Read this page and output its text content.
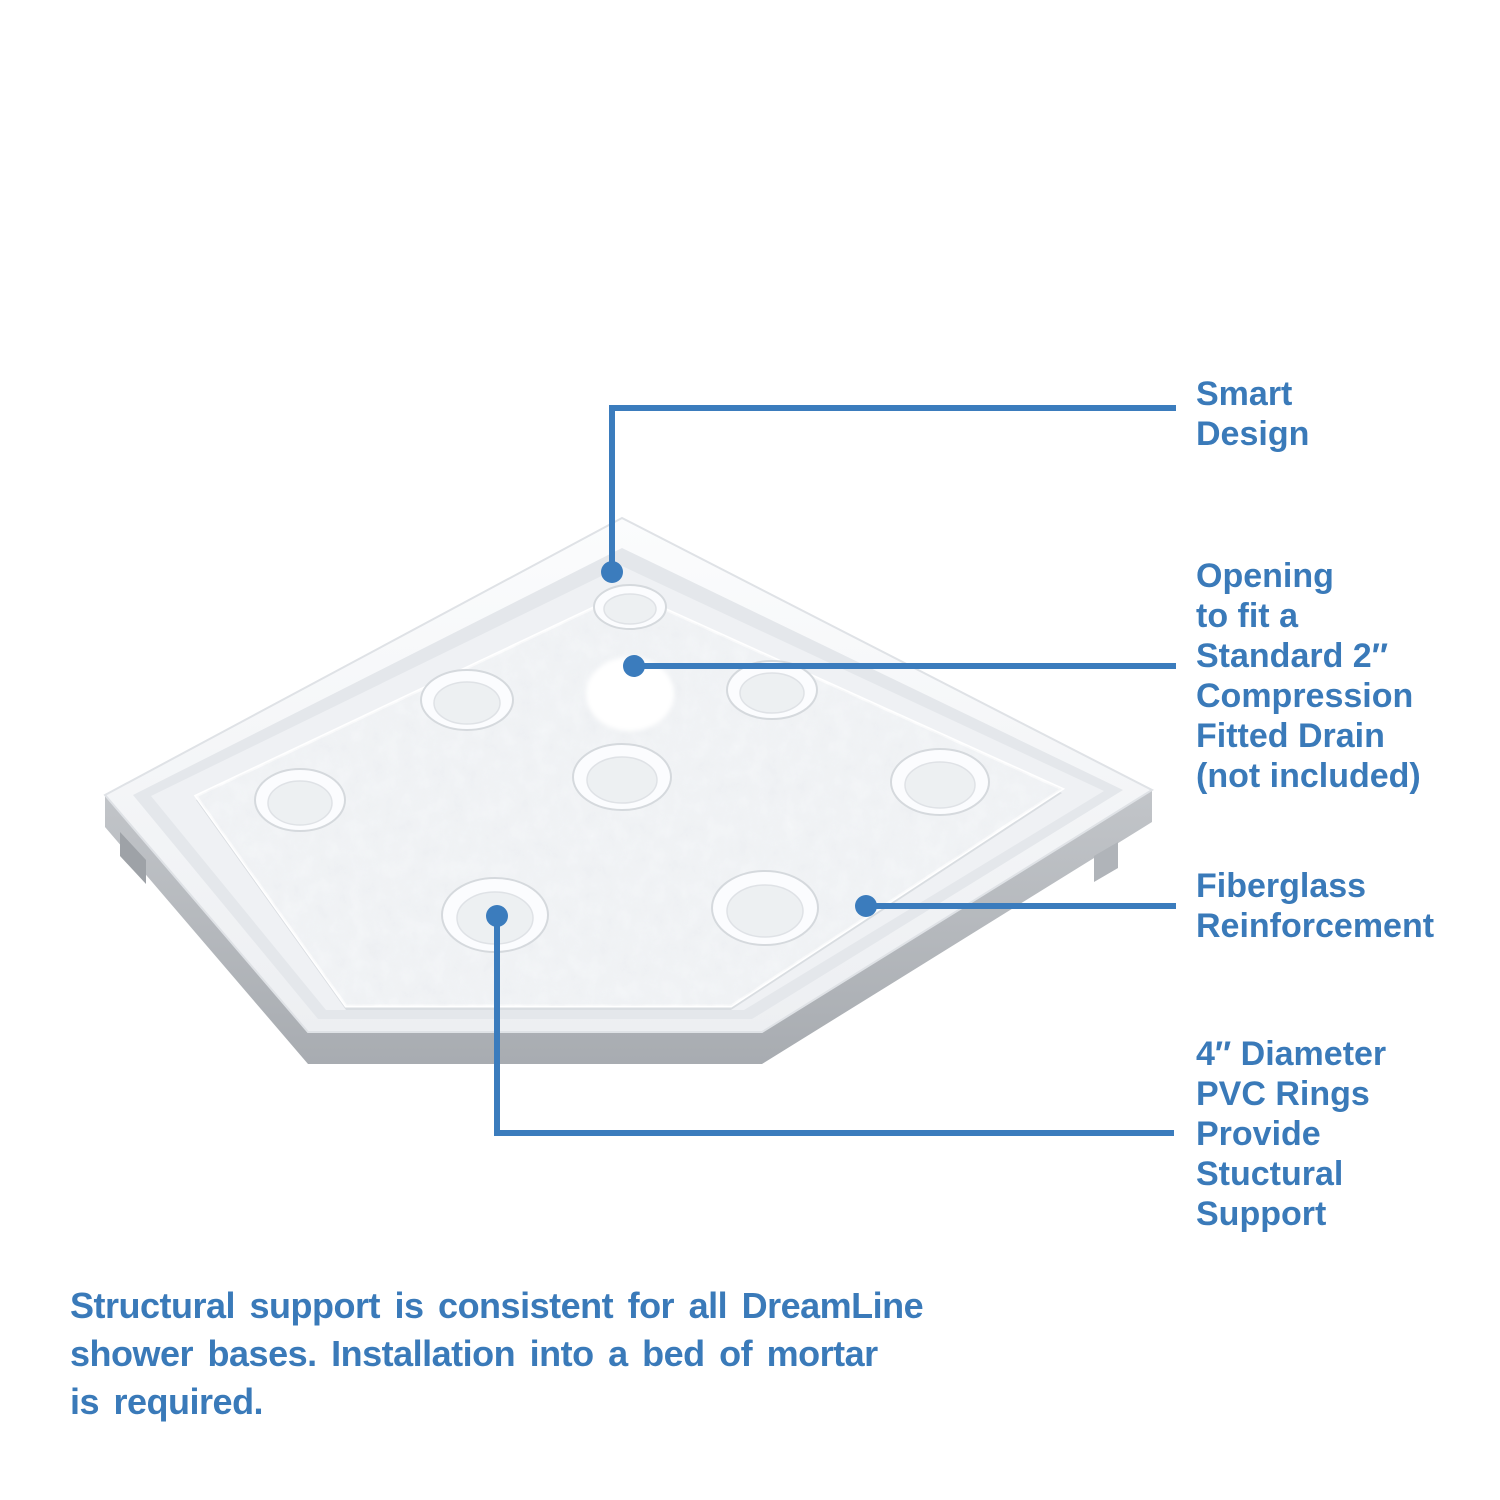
Base Structural Support
Smart
Design
Opening
to fit a
Standard 2″
Compression
Fitted Drain
(not included)
Fiberglass
Reinforcement
4″ Diameter
PVC Rings
Provide
Stuctural
Support
Structural support is consistent for all DreamLine
shower bases. Installation into a bed of mortar
is required.
